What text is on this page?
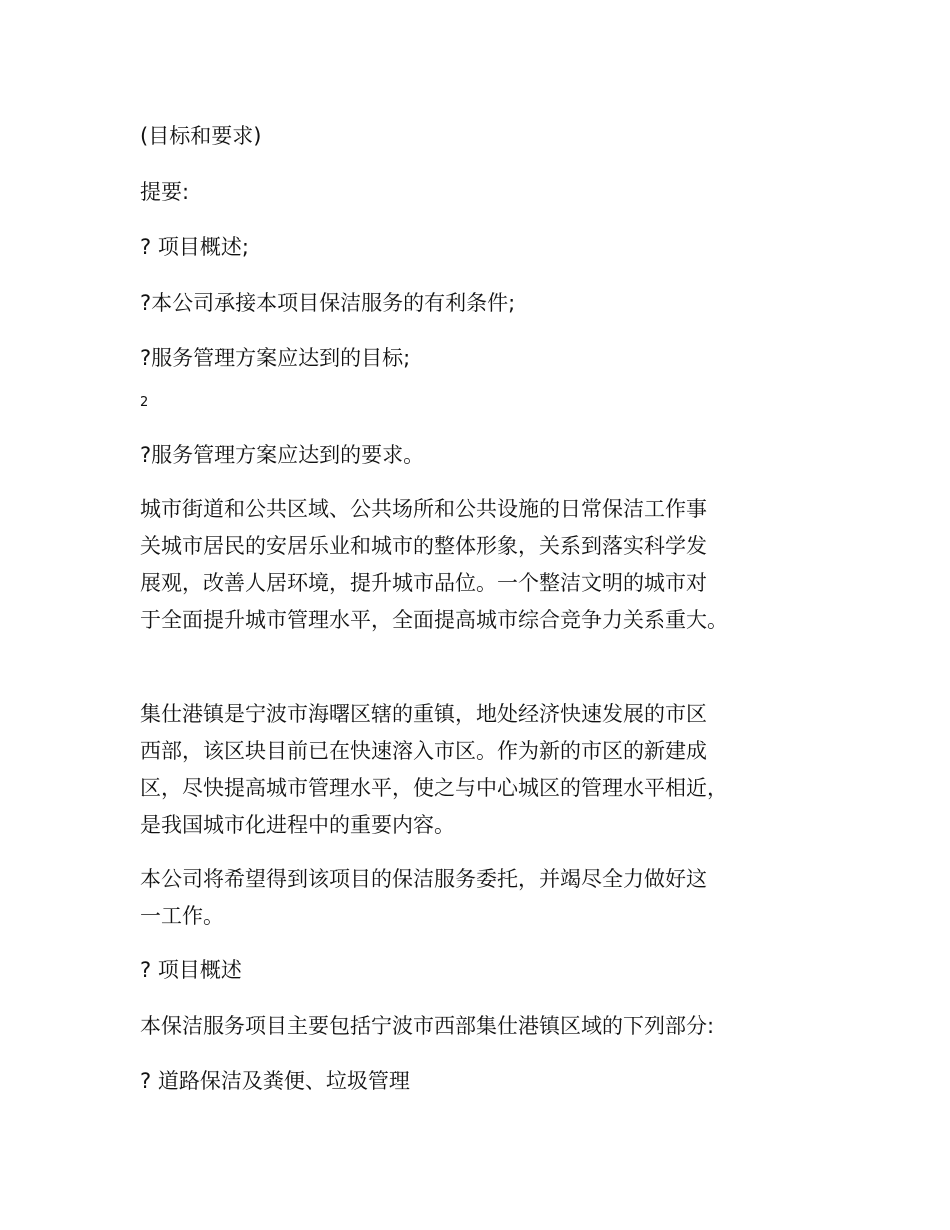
(目标和要求)
提要:
? 项目概述;
?本公司承接本项目保洁服务的有利条件;
?服务管理方案应达到的目标;
2
?服务管理方案应达到的要求。
城市街道和公共区域、公共场所和公共设施的日常保洁工作事
关城市居民的安居乐业和城市的整体形象，关系到落实科学发
展观，改善人居环境，提升城市品位。一个整洁文明的城市对
于全面提升城市管理水平，全面提高城市综合竞争力关系重大。
集仕港镇是宁波市海曙区辖的重镇，地处经济快速发展的市区
西部，该区块目前已在快速溶入市区。作为新的市区的新建成
区，尽快提高城市管理水平，使之与中心城区的管理水平相近，
是我国城市化进程中的重要内容。
本公司将希望得到该项目的保洁服务委托，并竭尽全力做好这
一工作。
? 项目概述
本保洁服务项目主要包括宁波市西部集仕港镇区域的下列部分:
? 道路保洁及粪便、垃圾管理
